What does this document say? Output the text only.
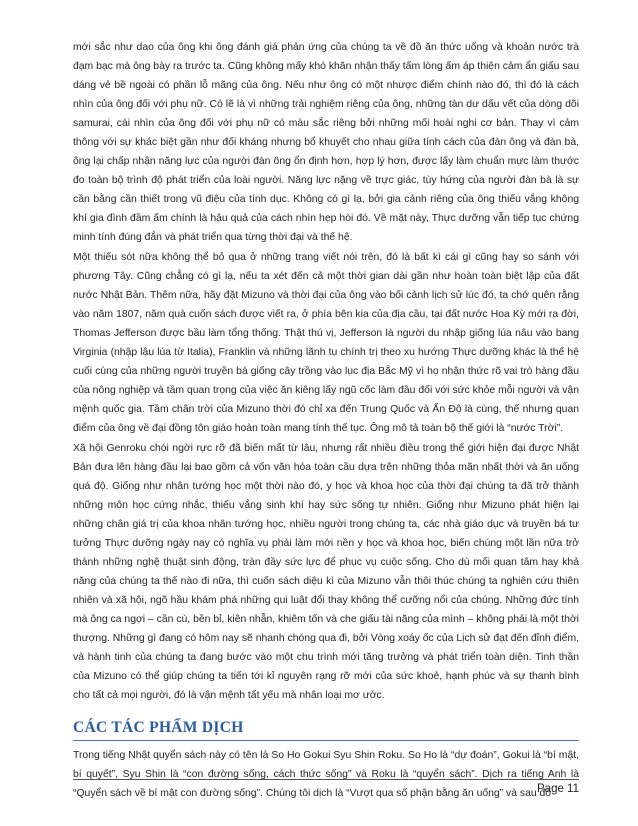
mới sắc như dao của ông khi ông đánh giá phản ứng của chúng ta về đồ ăn thức uống và khoản nước trà đạm bạc mà ông bày ra trước ta. Cũng không mấy khó khăn nhận thấy tấm lòng ấm áp thiện cảm ẩn giấu sau dáng vẻ bề ngoài có phần lỗ mãng của ông. Nếu như ông có một nhược điểm chính nào đó, thì đó là cách nhìn của ông đối với phụ nữ. Có lẽ là vì những trải nghiệm riêng của ông, những tàn dư dấu vết của dòng dõi samurai, cái nhìn của ông đối với phụ nữ có màu sắc riêng bởi những mối hoài nghi cơ bản. Thay vì cảm thông với sự khác biệt gần như đối kháng nhưng bổ khuyết cho nhau giữa tính cách của đàn ông và đàn bà, ông lại chấp nhận năng lực của người đàn ông ổn định hơn, hợp lý hơn, được lấy làm chuẩn mực làm thước đo toàn bộ trình độ phát triển của loài người. Năng lực nặng về trực giác, tùy hứng của người đàn bà là sự cần bằng cần thiết trong vũ điệu của tính dục. Không có gì lạ, bởi gia cảnh riêng của ông thiếu vắng không khí gia đình đầm ấm chính là hậu quả của cách nhìn hẹp hòi đó. Về mặt này, Thực dưỡng vẫn tiếp tục chứng minh tính đúng đắn và phát triển qua từng thời đại và thế hệ.

Một thiếu sót nữa không thể bỏ qua ở những trang viết nói trên, đó là bất kì cái gì cũng hay so sánh với phương Tây. Cũng chẳng có gì lạ, nếu ta xét đến cả một thời gian dài gần như hoàn toàn biệt lập của đất nước Nhật Bản. Thêm nữa, hãy đặt Mizuno và thời đại của ông vào bối cảnh lịch sử lúc đó, ta chớ quên rằng vào năm 1807, năm quà cuốn sách được viết ra, ở phía bên kia của địa cầu, tại đất nước Hoa Kỳ mới ra đời, Thomas Jefferson được bầu làm tổng thống. Thật thú vị, Jefferson là người du nhập giống lúa nâu vào bang Virginia (nhập lậu lúa từ Italia), Franklin và những lãnh tụ chính trị theo xu hướng Thực dưỡng khác là thế hệ cuối cùng của những người truyền bá giống cây trồng vào lục địa Bắc Mỹ vì họ nhận thức rõ vai trò hàng đầu của nông nghiệp và tầm quan trọng của việc ăn kiêng lấy ngũ cốc làm đầu đối với sức khỏe mỗi người và vận mệnh quốc gia. Tầm chân trời của Mizuno thời đó chỉ xa đến Trung Quốc và Ấn Độ là cùng, thế nhưng quan điểm của ông về đại đồng tôn giáo hoàn toàn mang tính thế tục. Ông mô tả toàn bộ thế giới là “nước Trời”.

Xã hội Genroku chói ngời rực rỡ đã biến mất từ lâu, nhưng rất nhiều điều trong thế giới hiện đại được Nhật Bản đưa lên hàng đầu lại bao gồm cả vốn văn hóa toàn cầu dựa trên những thỏa mãn nhất thời và ăn uống quá độ. Giống như nhân tướng học một thời nào đó, y học và khoa học của thời đại chúng ta đã trở thành những môn học cứng nhắc, thiếu vắng sinh khí hay sức sống tự nhiên. Giống như Mizuno phát hiện lại những chân giá trị của khoa nhân tướng học, nhiều người trong chúng ta, các nhà giáo dục và truyền bá tư tưởng Thực dưỡng ngày nay có nghĩa vụ phải làm mới nền y học và khoa học, biến chúng một lần nữa trở thành những nghệ thuật sinh động, tràn đầy sức lực để phục vụ cuộc sống. Cho dù mối quan tâm hay khả năng của chúng ta thế nào đi nữa, thì cuốn sách diệu kì của Mizuno vẫn thôi thúc chúng ta nghiên cứu thiên nhiên và xã hội, ngõ hầu khám phá những qui luật đổi thay không thể cưỡng nổi của chúng. Những đức tính mà ông ca ngợi – cần cù, bền bỉ, kiên nhẫn, khiêm tốn và che giấu tài năng của mình – không phải là một thời thượng. Những gì đang có hôm nay sẽ nhanh chóng qua đi, bởi Vòng xoáy ốc của Lịch sử đạt đến đỉnh điểm, và hành tinh của chúng ta đang bước vào một chu trình mới tăng trưởng và phát triển toàn diện. Tinh thần của Mizuno có thể giúp chúng ta tiến tới kỉ nguyên rạng rỡ mới của sức khoẻ, hạnh phúc và sự thanh bình cho tất cả mọi người, đó là vận mệnh tất yếu mà nhân loại mơ ước.

CÁC TÁC PHẨM DỊCH

Trong tiếng Nhật quyển sách này có tên là So Ho Gokui Syu Shin Roku. So Ho là “dự đoán”, Gokui là “bí mật, bí quyết”, Syu Shin là “con đường sống, cách thức sống” và Roku là “quyển sách”. Dịch ra tiếng Anh là “Quyển sách về bí mật con đường sống”. Chúng tôi dịch là “Vượt qua số phận bằng ăn uống” và sau đó

Page 11
